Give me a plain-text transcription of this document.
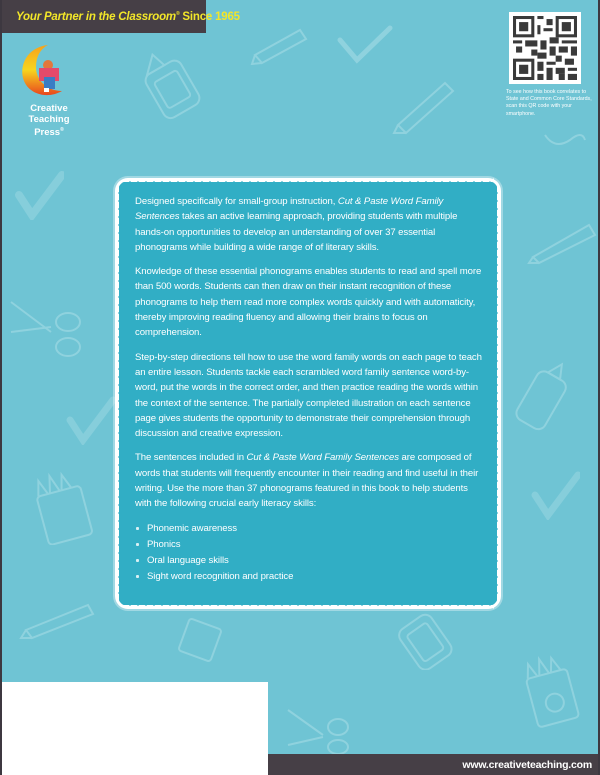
Your Partner in the Classroom® Since 1965
Creative
Teaching
Press®
To see how this book correlates to State and Common Core Standards, scan this QR code with your smartphone.

Designed specifically for small-group instruction, Cut & Paste Word Family Sentences takes an active learning approach, providing students with multiple hands-on opportunities to develop an understanding of over 37 essential phonograms while building a wide range of of literary skills.

Knowledge of these essential phonograms enables students to read and spell more than 500 words. Students can then draw on their instant recognition of these phonograms to help them read more complex words quickly and with automaticity, thereby improving reading fluency and allowing their brains to focus on comprehension.

Step-by-step directions tell how to use the word family words on each page to teach an entire lesson. Students tackle each scrambled word family sentence word-by-word, put the words in the correct order, and then practice reading the words within the context of the sentence. The partially completed illustration on each sentence page gives students the opportunity to demonstrate their comprehension through discussion and creative expression.

The sentences included in Cut & Paste Word Family Sentences are composed of words that students will frequently encounter in their reading and find useful in their writing. Use the more than 37 phonograms featured in this book to help students with the following crucial early literacy skills:

Phonemic awareness
Phonics
Oral language skills
Sight word recognition and practice
www.creativeteaching.com
